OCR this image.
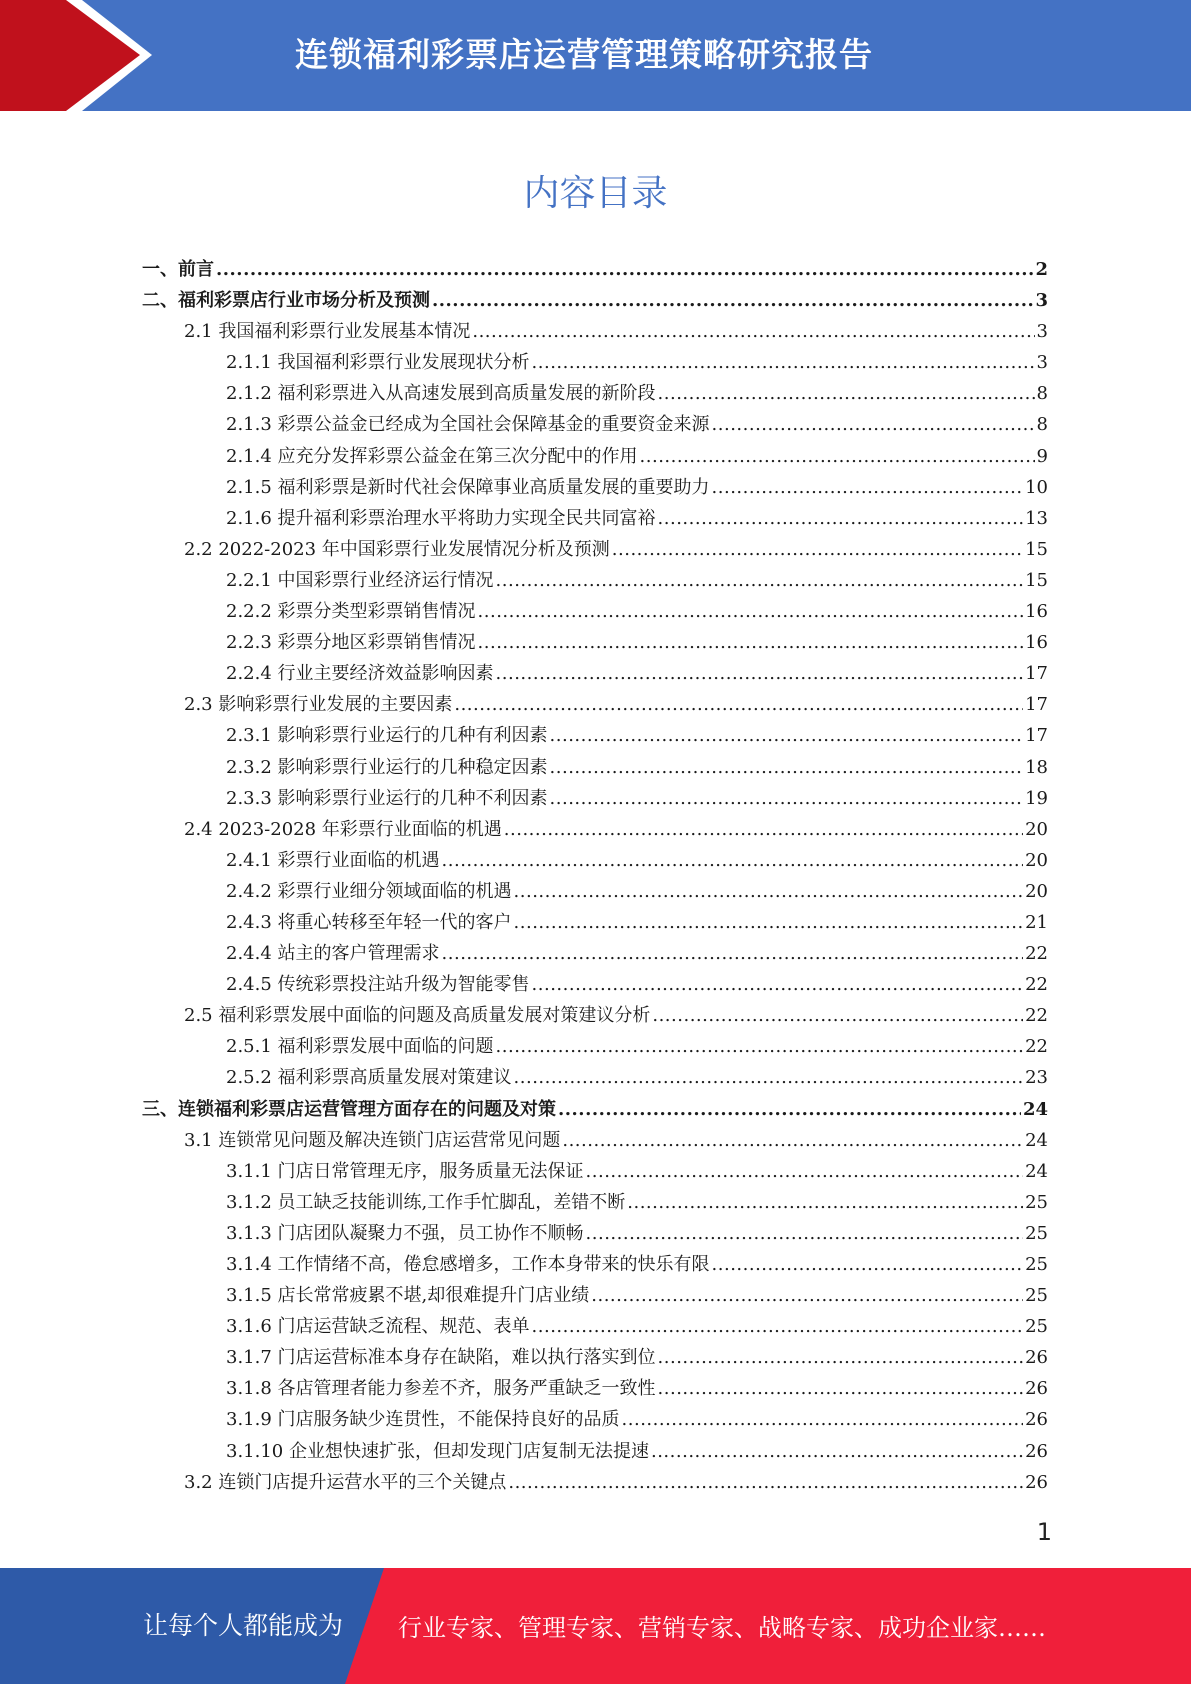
连锁福利彩票店运营管理策略研究报告
内容目录
一、前言 .....	2
二、福利彩票店行业市场分析及预测 .....	3
2.1 我国福利彩票行业发展基本情况 .....	3
2.1.1 我国福利彩票行业发展现状分析 .....	3
2.1.2 福利彩票进入从高速发展到高质量发展的新阶段 .....	8
2.1.3 彩票公益金已经成为全国社会保障基金的重要资金来源 .....	8
2.1.4 应充分发挥彩票公益金在第三次分配中的作用 .....	9
2.1.5 福利彩票是新时代社会保障事业高质量发展的重要助力 .....	10
2.1.6 提升福利彩票治理水平将助力实现全民共同富裕 .....	13
2.2 2022-2023 年中国彩票行业发展情况分析及预测 .....	15
2.2.1 中国彩票行业经济运行情况 .....	15
2.2.2 彩票分类型彩票销售情况 .....	16
2.2.3 彩票分地区彩票销售情况 .....	16
2.2.4 行业主要经济效益影响因素 .....	17
2.3 影响彩票行业发展的主要因素 .....	17
2.3.1 影响彩票行业运行的几种有利因素 .....	17
2.3.2 影响彩票行业运行的几种稳定因素 .....	18
2.3.3 影响彩票行业运行的几种不利因素 .....	19
2.4 2023-2028 年彩票行业面临的机遇 .....	20
2.4.1 彩票行业面临的机遇 .....	20
2.4.2 彩票行业细分领域面临的机遇 .....	20
2.4.3 将重心转移至年轻一代的客户 .....	21
2.4.4 站主的客户管理需求 .....	22
2.4.5 传统彩票投注站升级为智能零售 .....	22
2.5 福利彩票发展中面临的问题及高质量发展对策建议分析 .....	22
2.5.1 福利彩票发展中面临的问题 .....	22
2.5.2 福利彩票高质量发展对策建议 .....	23
三、连锁福利彩票店运营管理方面存在的问题及对策 .....	24
3.1 连锁常见问题及解决连锁门店运营常见问题 .....	24
3.1.1 门店日常管理无序，服务质量无法保证 .....	24
3.1.2 员工缺乏技能训练,工作手忙脚乱，差错不断 .....	25
3.1.3 门店团队凝聚力不强，员工协作不顺畅 .....	25
3.1.4 工作情绪不高，倦怠感增多，工作本身带来的快乐有限 .....	25
3.1.5 店长常常疲累不堪,却很难提升门店业绩 .....	25
3.1.6 门店运营缺乏流程、规范、表单 .....	25
3.1.7 门店运营标准本身存在缺陷，难以执行落实到位 .....	26
3.1.8 各店管理者能力参差不齐，服务严重缺乏一致性 .....	26
3.1.9 门店服务缺少连贯性，不能保持良好的品质 .....	26
3.1.10 企业想快速扩张，但却发现门店复制无法提速 .....	26
3.2 连锁门店提升运营水平的三个关键点 .....	26
1
让每个人都能成为 行业专家、管理专家、营销专家、战略专家、成功企业家……
